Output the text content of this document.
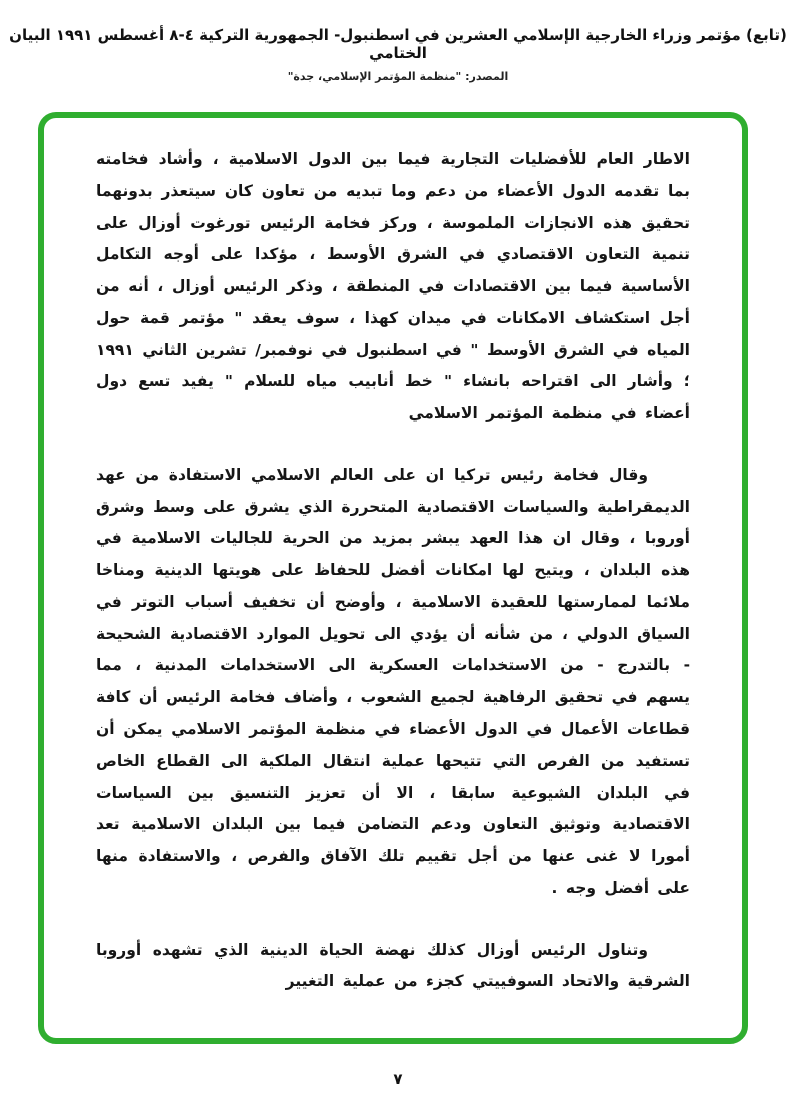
(تابع) مؤتمر وزراء الخارجية الإسلامي العشرين في اسطنبول- الجمهورية التركية ٤-٨ أغسطس ١٩٩١ البيان الختامي
المصدر: "منظمة المؤتمر الإسلامي، جدة"

الاطار العام للأفضليات التجارية فيما بين الدول الاسلامية ، وأشاد فخامته بما تقدمه الدول الأعضاء من دعم وما تبديه من تعاون كان سيتعذر بدونهما تحقيق هذه الانجازات الملموسة ، وركز فخامة الرئيس تورغوت أوزال على تنمية التعاون الاقتصادي في الشرق الأوسط ، مؤكدا على أوجه التكامل الأساسية فيما بين الاقتصادات في المنطقة ، وذكر الرئيس أوزال ، أنه من أجل استكشاف الامكانات في ميدان كهذا ، سوف يعقد " مؤتمر قمة حول المياه في الشرق الأوسط " في اسطنبول في نوفمبر/ تشرين الثاني ١٩٩١ ؛ وأشار الى اقتراحه بانشاء " خط أنابيب مياه للسلام " يفيد تسع دول أعضاء في منظمة المؤتمر الاسلامي

وقال فخامة رئيس تركيا ان على العالم الاسلامي الاستفادة من عهد الديمقراطية والسياسات الاقتصادية المتحررة الذي يشرق على وسط وشرق أوروبا ، وقال ان هذا العهد يبشر بمزيد من الحرية للجاليات الاسلامية في هذه البلدان ، ويتيح لها امكانات أفضل للحفاظ على هويتها الدينية ومناخا ملائما لممارستها للعقيدة الاسلامية ، وأوضح أن تخفيف أسباب التوتر في السياق الدولي ، من شأنه أن يؤدي الى تحويل الموارد الاقتصادية الشحيحة - بالتدرج - من الاستخدامات العسكرية الى الاستخدامات المدنية ، مما يسهم في تحقيق الرفاهية لجميع الشعوب ، وأضاف فخامة الرئيس أن كافة قطاعات الأعمال في الدول الأعضاء في منظمة المؤتمر الاسلامي يمكن أن تستفيد من الفرص التي تتيحها عملية انتقال الملكية الى القطاع الخاص في البلدان الشيوعية سابقا ، الا أن تعزيز التنسيق بين السياسات الاقتصادية وتوثيق التعاون ودعم التضامن فيما بين البلدان الاسلامية تعد أمورا لا غنى عنها من أجل تقييم تلك الآفاق والفرص ، والاستفادة منها على أفضل وجه .

وتناول الرئيس أوزال كذلك نهضة الحياة الدينية الذي تشهده أوروبا الشرقية والاتحاد السوفييتي كجزء من عملية التغيير

٧
